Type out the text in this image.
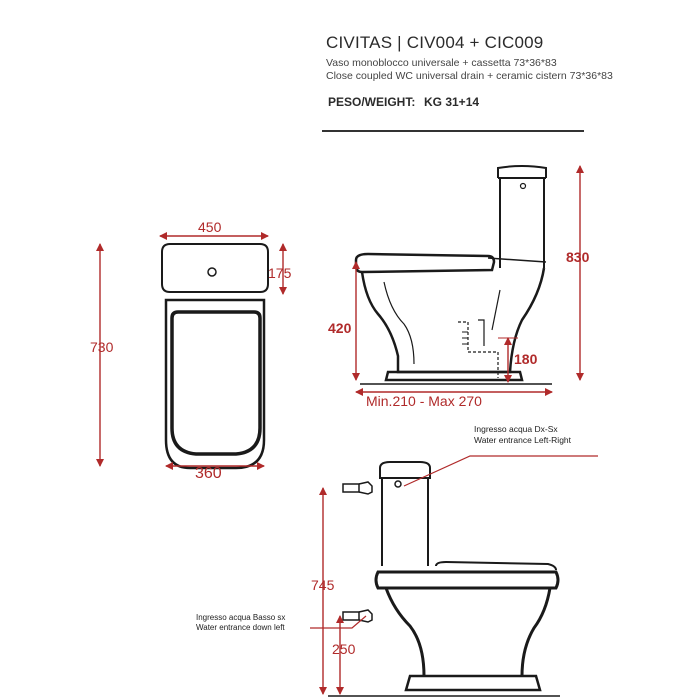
CIVITAS | CIV004 + CIC009
Vaso monoblocco universale + cassetta 73*36*83
Close coupled WC universal drain + ceramic cistern 73*36*83
PESO/WEIGHT: KG 31+14
450
175
730
360
830
420
180
Min.210 - Max 270
745
250
Ingresso acqua Dx-Sx
Water entrance Left-Right
Ingresso acqua Basso sx
Water entrance down left
